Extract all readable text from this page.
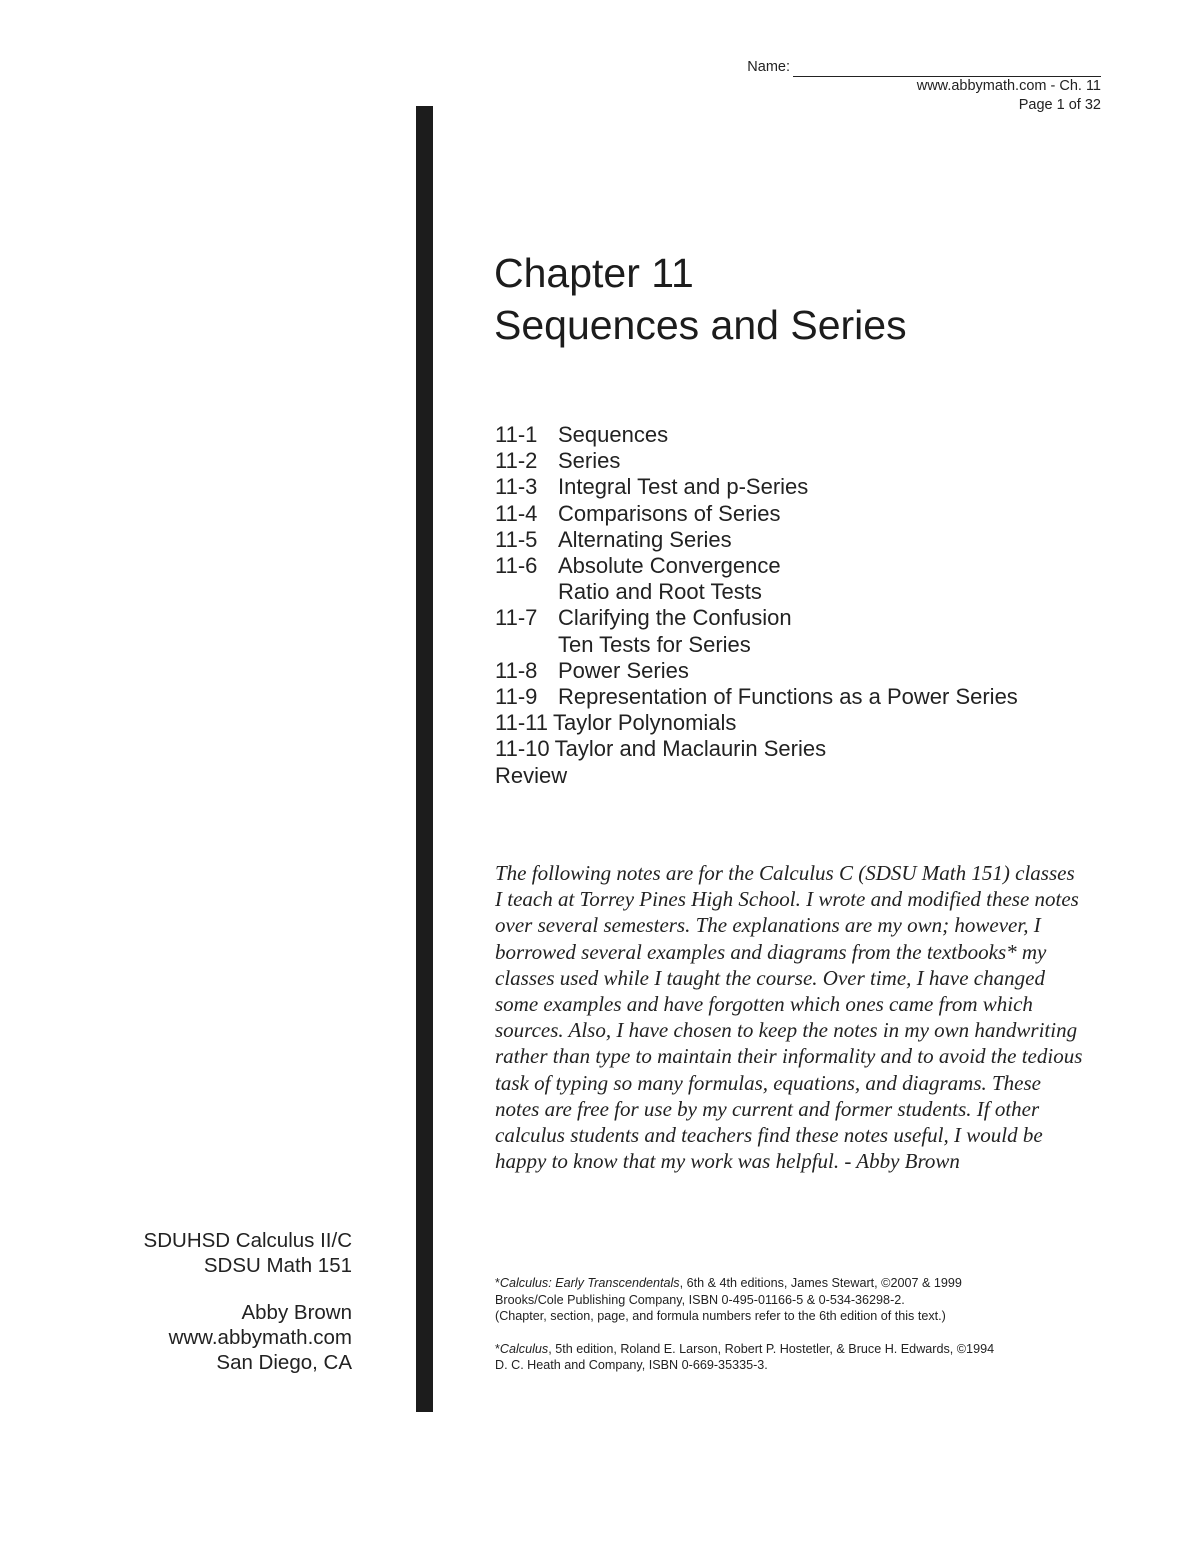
Name:
www.abbymath.com - Ch. 11
Page 1 of 32
Chapter 11
Sequences and Series
11-1 Sequences
11-2 Series
11-3 Integral Test and p-Series
11-4 Comparisons of Series
11-5 Alternating Series
11-6 Absolute Convergence
Ratio and Root Tests
11-7 Clarifying the Confusion
Ten Tests for Series
11-8 Power Series
11-9 Representation of Functions as a Power Series
11-11 Taylor Polynomials
11-10 Taylor and Maclaurin Series
Review

The following notes are for the Calculus C (SDSU Math 151) classes I teach at Torrey Pines High School. I wrote and modified these notes over several semesters. The explanations are my own; however, I borrowed several examples and diagrams from the textbooks* my classes used while I taught the course. Over time, I have changed some examples and have forgotten which ones came from which sources. Also, I have chosen to keep the notes in my own handwriting rather than type to maintain their informality and to avoid the tedious task of typing so many formulas, equations, and diagrams. These notes are free for use by my current and former students. If other calculus students and teachers find these notes useful, I would be happy to know that my work was helpful. - Abby Brown

*Calculus: Early Transcendentals, 6th & 4th editions, James Stewart, ©2007 & 1999
Brooks/Cole Publishing Company, ISBN 0-495-01166-5 & 0-534-36298-2.
(Chapter, section, page, and formula numbers refer to the 6th edition of this text.)

*Calculus, 5th edition, Roland E. Larson, Robert P. Hostetler, & Bruce H. Edwards, ©1994
D. C. Heath and Company, ISBN 0-669-35335-3.

SDUHSD Calculus II/C

SDSU Math 151

Abby Brown

www.abbymath.com

San Diego, CA
